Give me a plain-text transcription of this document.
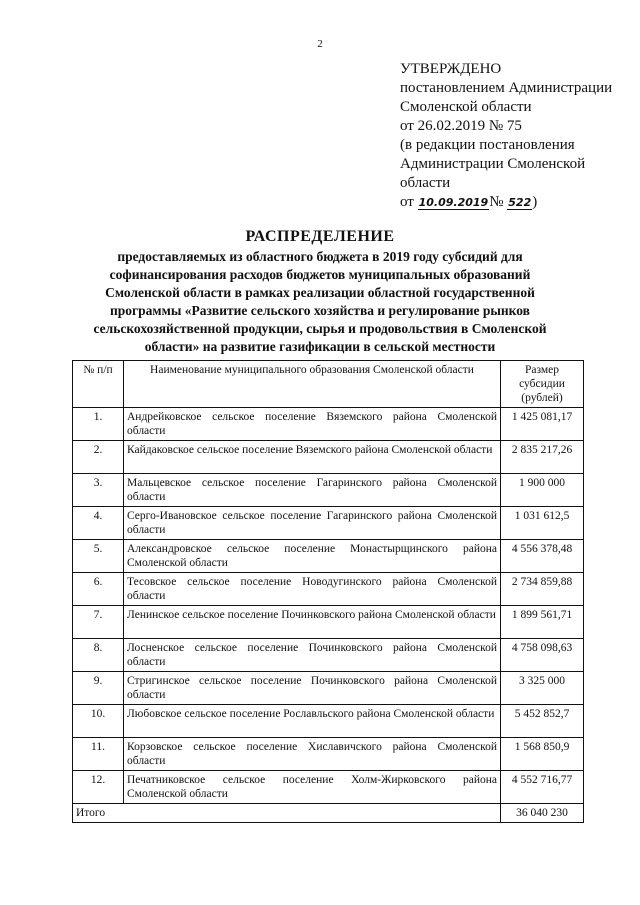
2
УТВЕРЖДЕНО
постановлением Администрации
Смоленской области
от 26.02.2019 № 75
(в редакции постановления
Администрации Смоленской
области
от 10.09.2019№ 522)
РАСПРЕДЕЛЕНИЕ
предоставляемых из областного бюджета в 2019 году субсидий для
софинансирования расходов бюджетов муниципальных образований
Смоленской области в рамках реализации областной государственной
программы «Развитие сельского хозяйства и регулирование рынков
сельскохозяйственной продукции, сырья и продовольствия в Смоленской
области» на развитие газификации в сельской местности
№ п/п	Наименование муниципального образования Смоленской области	Размер субсидии (рублей)
1.	Андрейковское сельское поселение Вяземского района Смоленской области	1 425 081,17
2.	Кайдаковское сельское поселение Вяземского района Смоленской области	2 835 217,26
3.	Мальцевское сельское поселение Гагаринского района Смоленской области	1 900 000
4.	Серго-Ивановское сельское поселение Гагаринского района Смоленской области	1 031 612,5
5.	Александровское сельское поселение Монастырщинского района Смоленской области	4 556 378,48
6.	Тесовское сельское поселение Новодугинского района Смоленской области	2 734 859,88
7.	Ленинское сельское поселение Починковского района Смоленской области	1 899 561,71
8.	Лосненское сельское поселение Починковского района Смоленской области	4 758 098,63
9.	Стригинское сельское поселение Починковского района Смоленской области	3 325 000
10.	Любовское сельское поселение Рославльского района Смоленской области	5 452 852,7
11.	Корзовское сельское поселение Хиславичского района Смоленской области	1 568 850,9
12.	Печатниковское сельское поселение Холм-Жирковского района Смоленской области	4 552 716,77
Итого		36 040 230
